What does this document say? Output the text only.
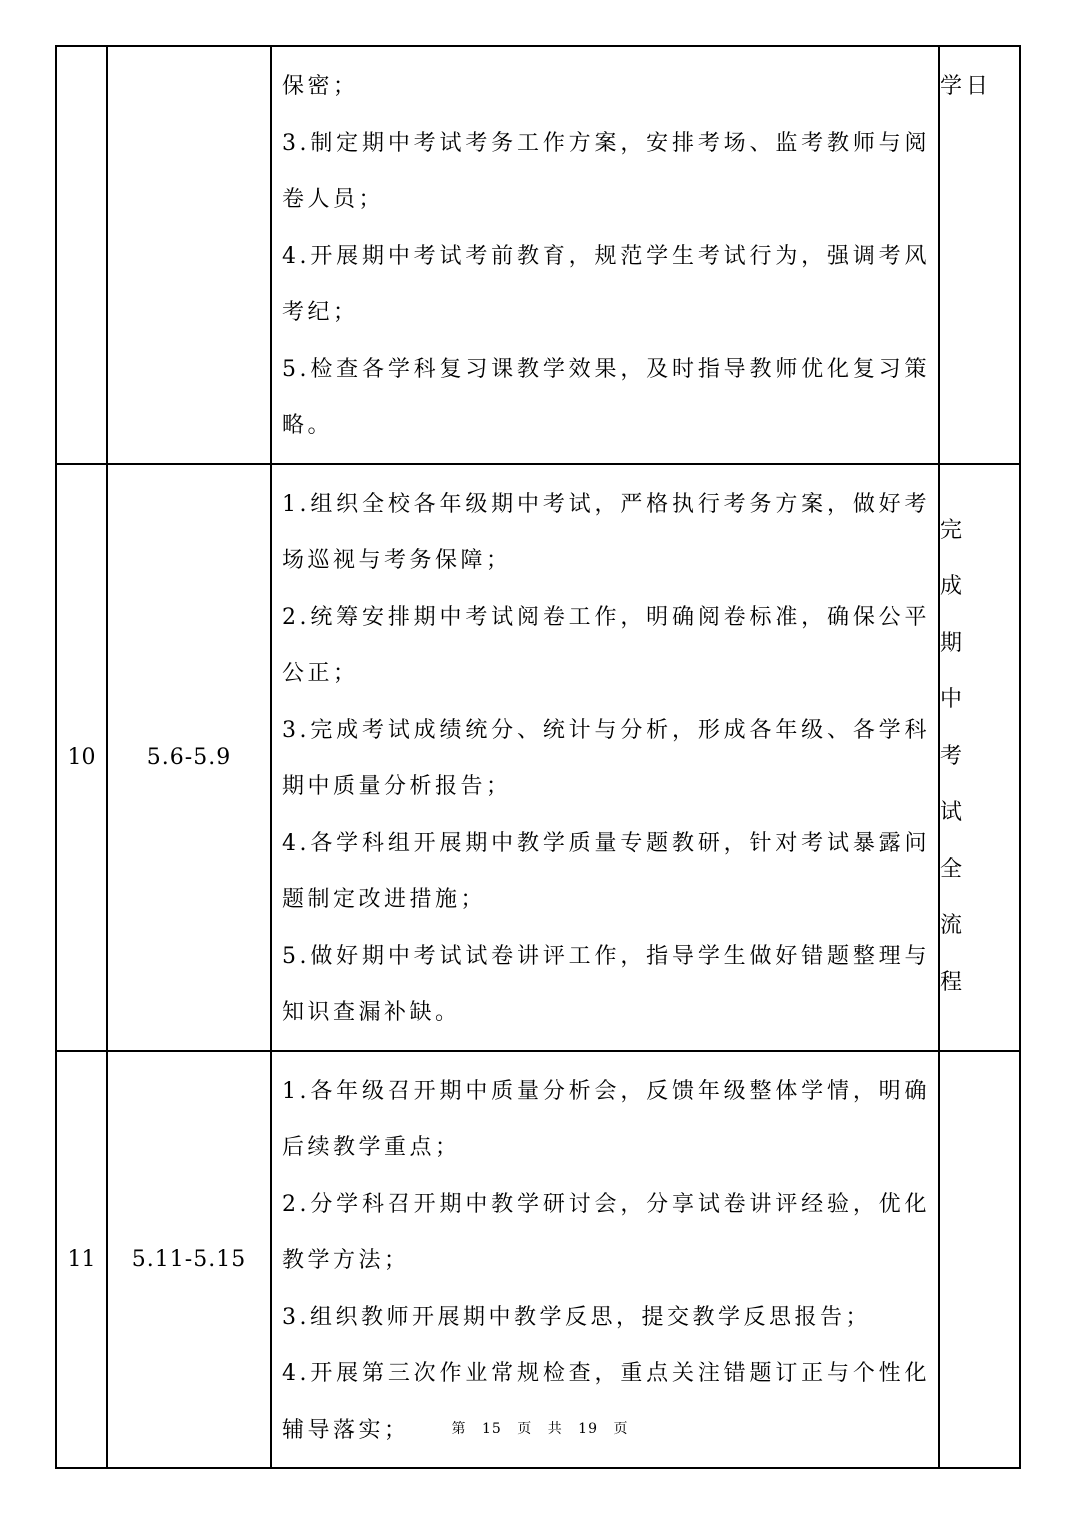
		保密；
3.制定期中考试考务工作方案，安排考场、监考教师与阅卷人员；
4.开展期中考试考前教育，规范学生考试行为，强调考风考纪；
5.检查各学科复习课教学效果，及时指导教师优化复习策略。	学日
10	5.6-5.9	1.组织全校各年级期中考试，严格执行考务方案，做好考场巡视与考务保障；
2.统筹安排期中考试阅卷工作，明确阅卷标准，确保公平公正；
3.完成考试成绩统分、统计与分析，形成各年级、各学科期中质量分析报告；
4.各学科组开展期中教学质量专题教研，针对考试暴露问题制定改进措施；
5.做好期中考试试卷讲评工作，指导学生做好错题整理与知识查漏补缺。	完成期中考试全流程
11	5.11-5.15	1.各年级召开期中质量分析会，反馈年级整体学情，明确后续教学重点；
2.分学科召开期中教学研讨会，分享试卷讲评经验，优化教学方法；
3.组织教师开展期中教学反思，提交教学反思报告；
4.开展第三次作业常规检查，重点关注错题订正与个性化辅导落实；	
		第 15 页 共 19 页
